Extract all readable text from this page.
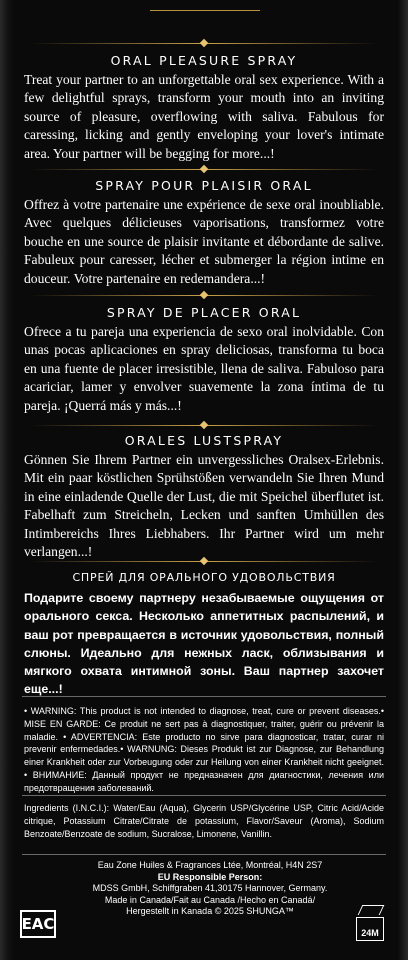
ORAL PLEASURE SPRAY
Treat your partner to an unforgettable oral sex experience. With a few delightful sprays, transform your mouth into an inviting source of pleasure, overflowing with saliva. Fabulous for caressing, licking and gently enveloping your lover's intimate area. Your partner will be begging for more...!
SPRAY POUR PLAISIR ORAL
Offrez à votre partenaire une expérience de sexe oral inoubliable. Avec quelques délicieuses vaporisations, transformez votre bouche en une source de plaisir invitante et débordante de salive. Fabuleux pour caresser, lécher et submerger la région intime en douceur. Votre partenaire en redemandera...!
SPRAY DE PLACER ORAL
Ofrece a tu pareja una experiencia de sexo oral inolvidable. Con unas pocas aplicaciones en spray deliciosas, transforma tu boca en una fuente de placer irresistible, llena de saliva. Fabuloso para acariciar, lamer y envolver suavemente la zona íntima de tu pareja. ¡Querrá más y más...!
ORALES LUSTSPRAY
Gönnen Sie Ihrem Partner ein unvergessliches Oralsex-Erlebnis. Mit ein paar köstlichen Sprühstößen verwandeln Sie Ihren Mund in eine einladende Quelle der Lust, die mit Speichel überflutet ist. Fabelhaft zum Streicheln, Lecken und sanften Umhüllen des Intimbereichs Ihres Liebhabers. Ihr Partner wird um mehr verlangen...!
СПРЕЙ ДЛЯ ОРАЛЬНОГО УДОВОЛЬСТВИЯ
Подарите своему партнеру незабываемые ощущения от орального секса. Несколько аппетитных распылений, и ваш рот превращается в источник удовольствия, полный слюны. Идеально для нежных ласк, облизывания и мягкого охвата интимной зоны. Ваш партнер захочет еще...!
• WARNING: This product is not intended to diagnose, treat, cure or prevent diseases.• MISE EN GARDE: Ce produit ne sert pas à diagnostiquer, traiter, guérir ou prévenir la maladie. • ADVERTENCIA: Este producto no sirve para diagnosticar, tratar, curar ni prevenir enfermedades.• WARNUNG: Dieses Produkt ist zur Diagnose, zur Behandlung einer Krankheit oder zur Vorbeugung oder zur Heilung von einer Krankheit nicht geeignet. • ВНИМАНИЕ: Данный продукт не предназначен для диагностики, лечения или предотвращения заболеваний.
Ingredients (I.N.C.I.): Water/Eau (Aqua), Glycerin USP/Glycérine USP, Citric Acid/Acide citrique, Potassium Citrate/Citrate de potassium, Flavor/Saveur (Aroma), Sodium Benzoate/Benzoate de sodium, Sucralose, Limonene, Vanillin.
Eau Zone Huiles & Fragrances Ltée, Montréal, H4N 2S7
EU Responsible Person:
MDSS GmbH, Schiffgraben 41,30175 Hannover, Germany.
Made in Canada/Fait au Canada /Hecho en Canadá/
Hergestellt in Kanada © 2025 SHUNGA™
EAC	24M
